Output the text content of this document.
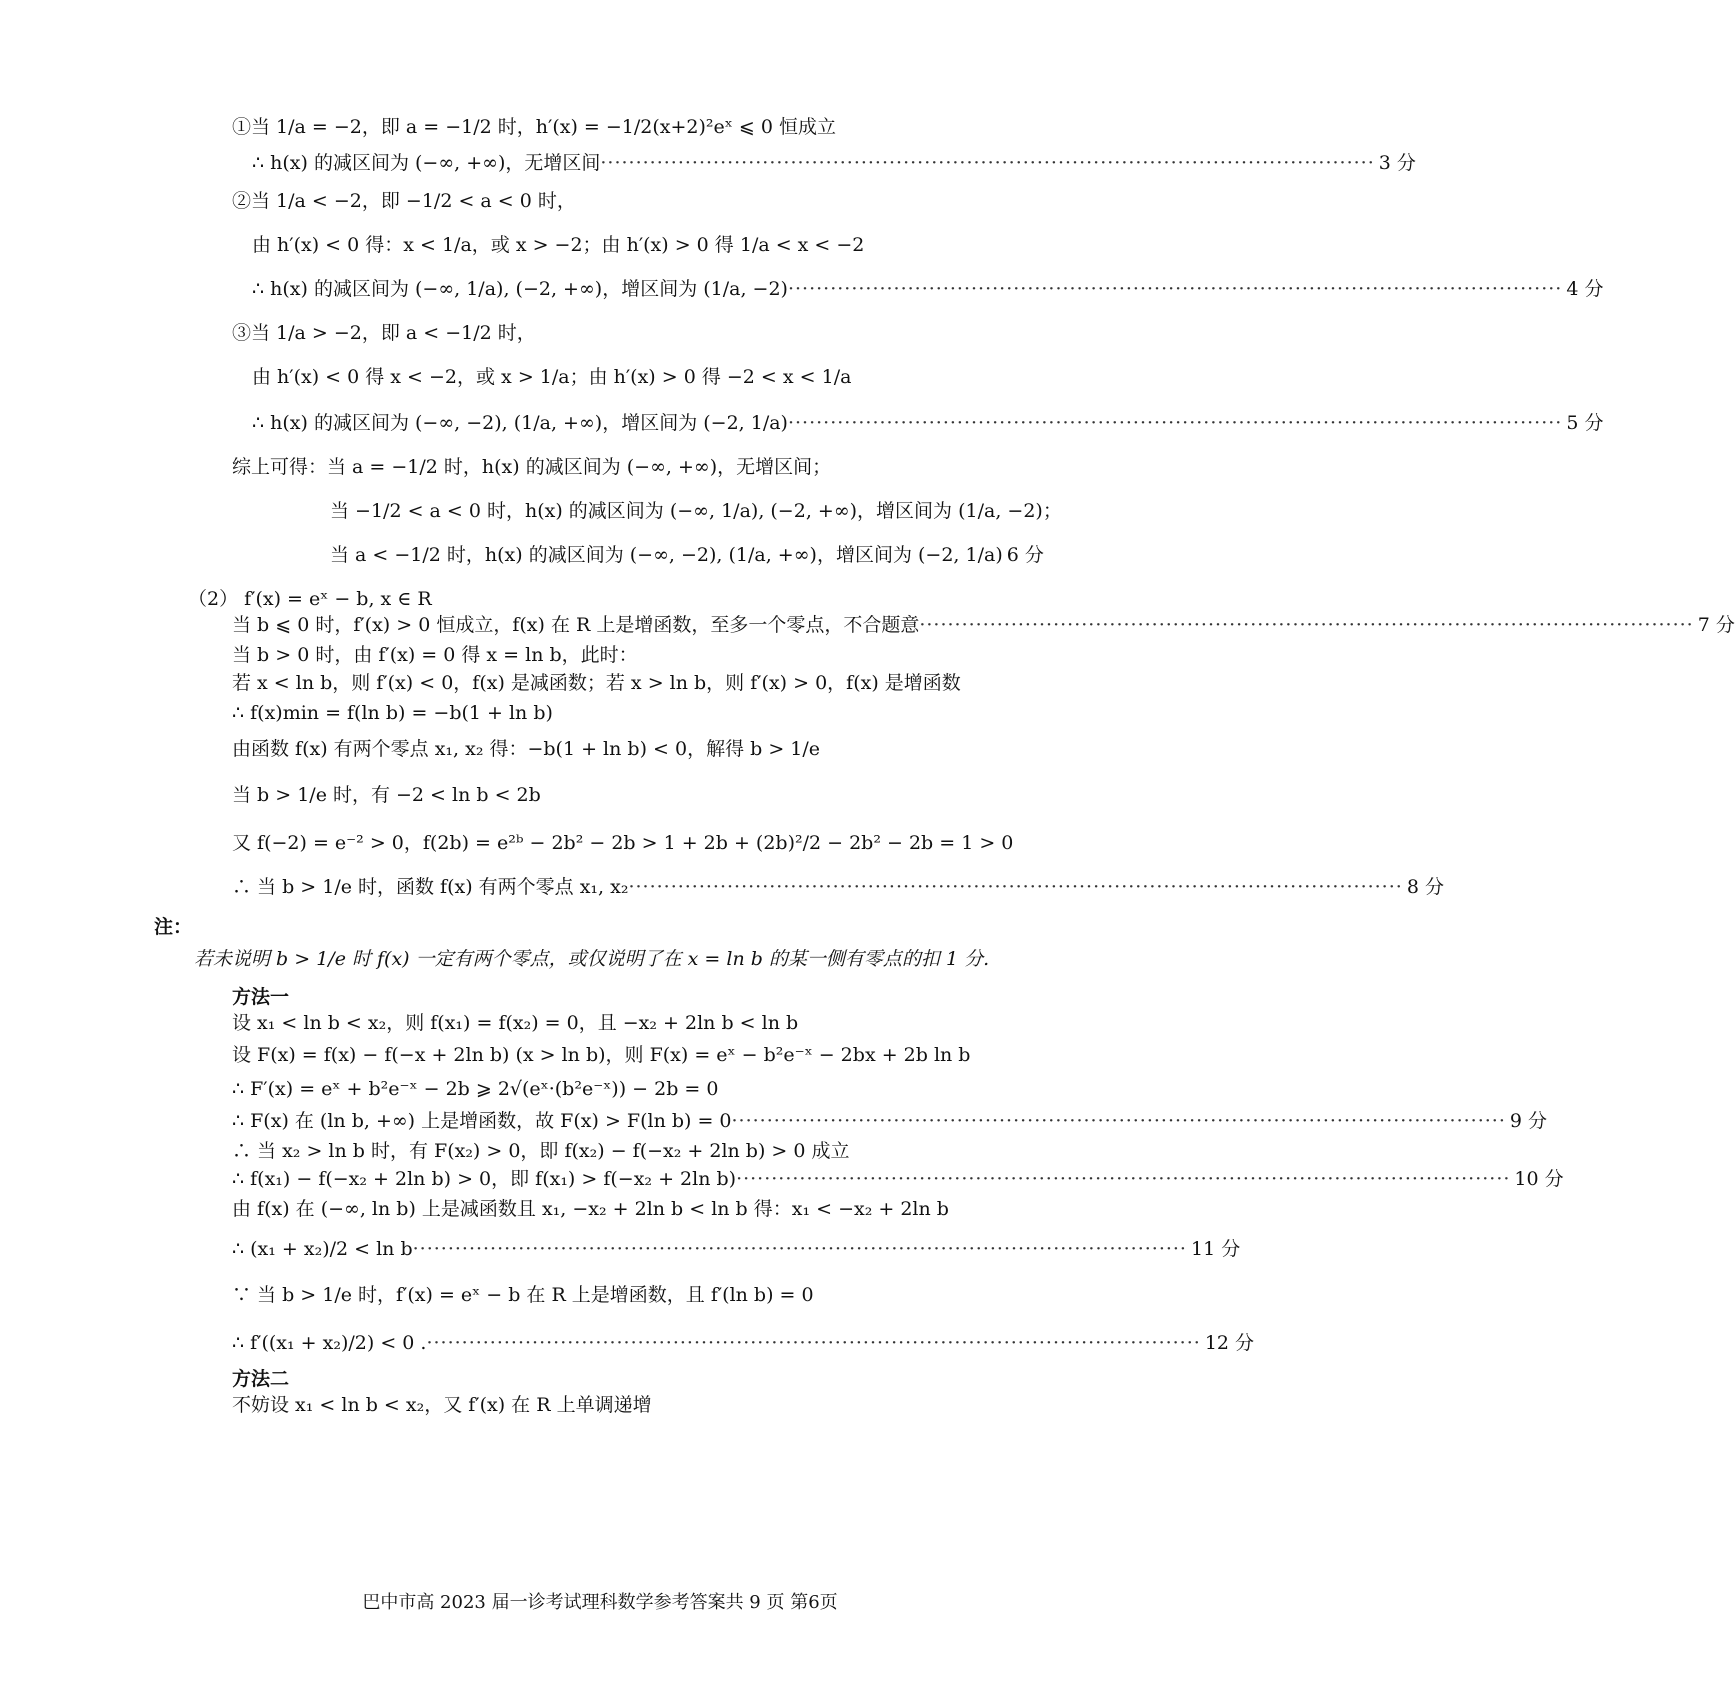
①当 1/a = −2，即 a = −1/2 时，h′(x) = −1/2(x+2)²eˣ ⩽ 0 恒成立
∴ h(x) 的减区间为 (−∞, +∞)，无增区间 ·············································································································· 3 分
②当 1/a < −2，即 −1/2 < a < 0 时，
由 h′(x) < 0 得：x < 1/a，或 x > −2；由 h′(x) > 0 得 1/a < x < −2
∴ h(x) 的减区间为 (−∞, 1/a), (−2, +∞)，增区间为 (1/a, −2) ·············································································································· 4 分
③当 1/a > −2，即 a < −1/2 时，
由 h′(x) < 0 得 x < −2，或 x > 1/a；由 h′(x) > 0 得 −2 < x < 1/a
∴ h(x) 的减区间为 (−∞, −2), (1/a, +∞)，增区间为 (−2, 1/a) ·············································································································· 5 分
综上可得：当 a = −1/2 时，h(x) 的减区间为 (−∞, +∞)，无增区间；
当 −1/2 < a < 0 时，h(x) 的减区间为 (−∞, 1/a), (−2, +∞)，增区间为 (1/a, −2)；
当 a < −1/2 时，h(x) 的减区间为 (−∞, −2), (1/a, +∞)，增区间为 (−2, 1/a) 6 分
（2） f′(x) = eˣ − b, x ∈ R
当 b ⩽ 0 时，f′(x) > 0 恒成立，f(x) 在 R 上是增函数，至多一个零点，不合题意 ·············································································································· 7 分
当 b > 0 时，由 f′(x) = 0 得 x = ln b，此时：
若 x < ln b，则 f′(x) < 0，f(x) 是减函数；若 x > ln b，则 f′(x) > 0，f(x) 是增函数
∴ f(x)min = f(ln b) = −b(1 + ln b)
由函数 f(x) 有两个零点 x₁, x₂ 得：−b(1 + ln b) < 0，解得 b > 1/e
当 b > 1/e 时，有 −2 < ln b < 2b
又 f(−2) = e⁻² > 0，f(2b) = e²ᵇ − 2b² − 2b > 1 + 2b + (2b)²/2 − 2b² − 2b = 1 > 0
∴ 当 b > 1/e 时，函数 f(x) 有两个零点 x₁, x₂ ·············································································································· 8 分
注：
若未说明 b > 1/e 时 f(x) 一定有两个零点，或仅说明了在 x = ln b 的某一侧有零点的扣 1 分.
方法一
设 x₁ < ln b < x₂，则 f(x₁) = f(x₂) = 0，且 −x₂ + 2ln b < ln b
设 F(x) = f(x) − f(−x + 2ln b) (x > ln b)，则 F(x) = eˣ − b²e⁻ˣ − 2bx + 2b ln b
∴ F′(x) = eˣ + b²e⁻ˣ − 2b ⩾ 2√(eˣ·(b²e⁻ˣ)) − 2b = 0
∴ F(x) 在 (ln b, +∞) 上是增函数，故 F(x) > F(ln b) = 0 ·············································································································· 9 分
∴ 当 x₂ > ln b 时，有 F(x₂) > 0，即 f(x₂) − f(−x₂ + 2ln b) > 0 成立
∴ f(x₁) − f(−x₂ + 2ln b) > 0，即 f(x₁) > f(−x₂ + 2ln b) ·············································································································· 10 分
由 f(x) 在 (−∞, ln b) 上是减函数且 x₁, −x₂ + 2ln b < ln b 得：x₁ < −x₂ + 2ln b
∴ (x₁ + x₂)/2 < ln b ·············································································································· 11 分
∵ 当 b > 1/e 时，f′(x) = eˣ − b 在 R 上是增函数，且 f′(ln b) = 0
∴ f′((x₁ + x₂)/2) < 0 . ·············································································································· 12 分
方法二
不妨设 x₁ < ln b < x₂，又 f′(x) 在 R 上单调递增
巴中市高 2023 届一诊考试理科数学参考答案共 9 页 第6页
